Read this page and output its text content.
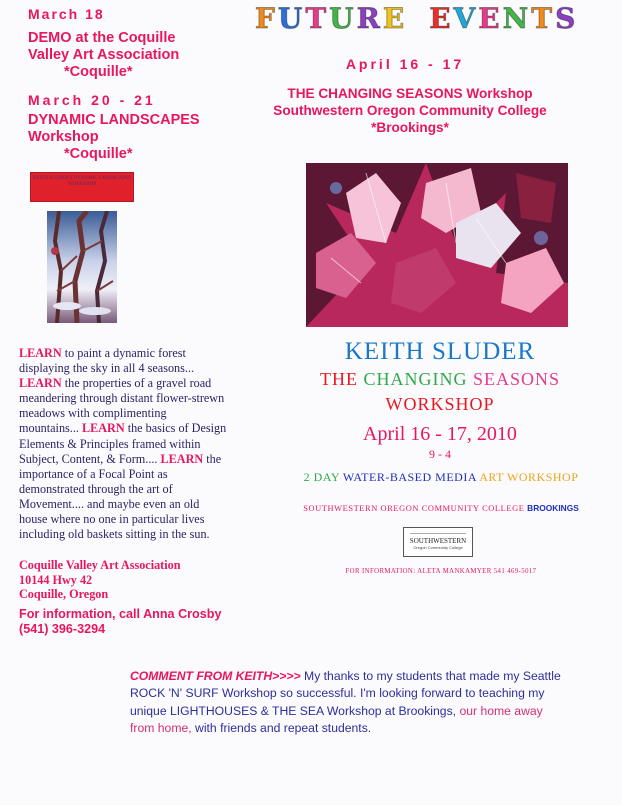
March 18
DEMO at the Coquille
Valley Art Association
*Coquille*
March 20 - 21
DYNAMIC LANDSCAPES
Workshop
*Coquille*
KEITH SLUDER'S DYNAMIC LANDSCAPES WORKSHOP
LEARN to paint a dynamic forest displaying the sky in all 4 seasons... LEARN the properties of a gravel road meandering through distant flower-strewn meadows with complimenting mountains... LEARN the basics of Design Elements & Principles framed within Subject, Content, & Form.... LEARN the importance of a Focal Point as demonstrated through the art of Movement.... and maybe even an old house where no one in particular lives including old baskets sitting in the sun.
Coquille Valley Art Association
10144 Hwy 42
Coquille, Oregon
For information, call Anna Crosby
(541) 396-3294
FUTURE EVENTS
April 16 - 17
THE CHANGING SEASONS Workshop
Southwestern Oregon Community College
*Brookings*
KEITH SLUDER
THE CHANGING SEASONS
WORKSHOP
April 16 - 17, 2010
9 - 4
2 DAY WATER-BASED MEDIA ART WORKSHOP
SOUTHWESTERN OREGON COMMUNITY COLLEGE BROOKINGS
SOUTHWESTERN
Oregon Community College
FOR INFORMATION: ALETA MANKAMYER 541 469-5017
COMMENT FROM KEITH>>>> My thanks to my students that made my Seattle ROCK 'N' SURF Workshop so successful. I'm looking forward to teaching my unique LIGHTHOUSES & THE SEA Workshop at Brookings, our home away from home, with friends and repeat students.
